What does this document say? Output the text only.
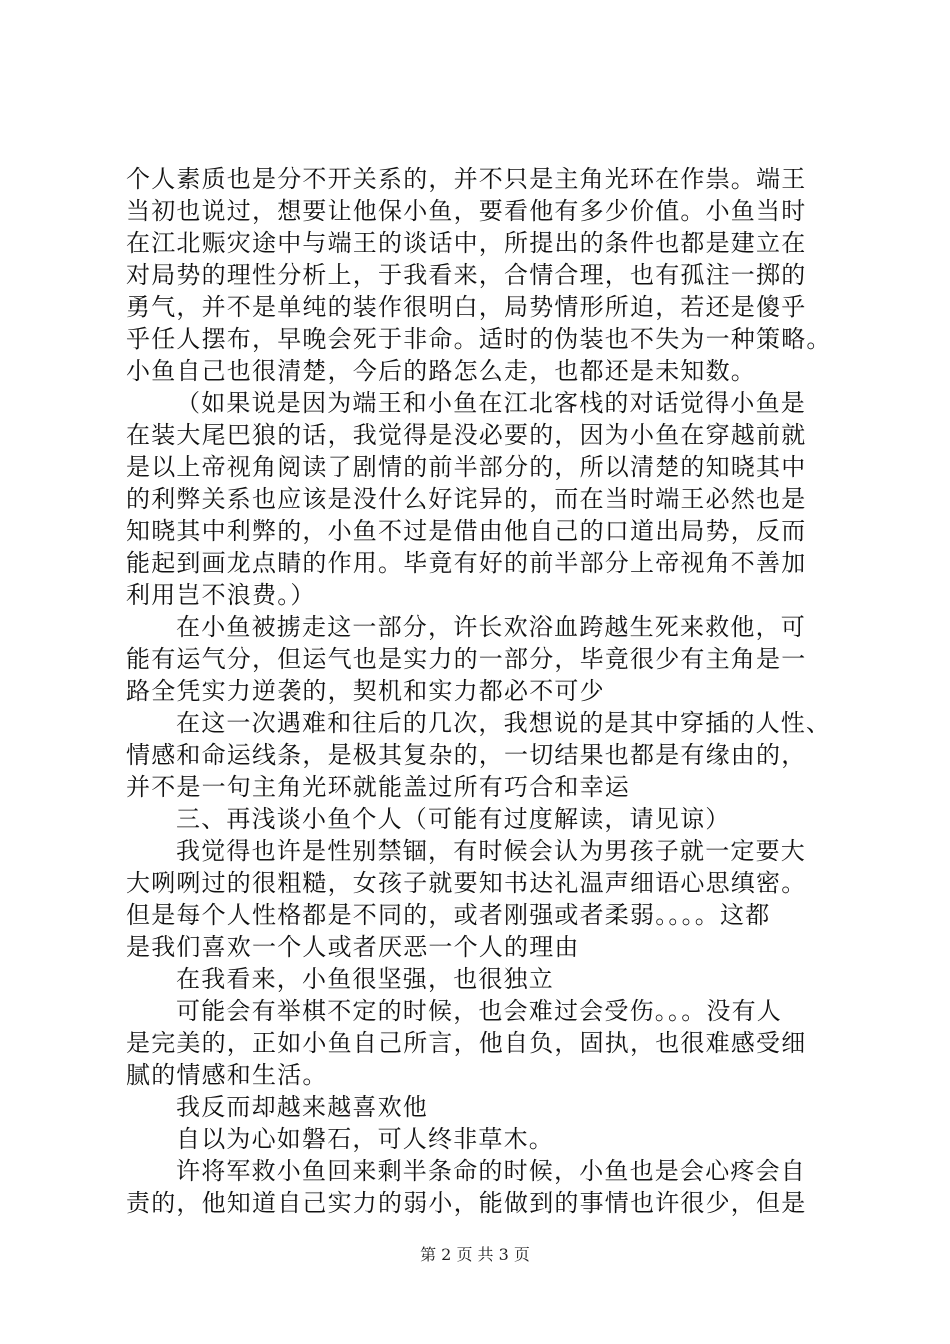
个人素质也是分不开关系的，并不只是主角光环在作祟。端王
当初也说过，想要让他保小鱼，要看他有多少价值。小鱼当时
在江北赈灾途中与端王的谈话中，所提出的条件也都是建立在
对局势的理性分析上，于我看来，合情合理，也有孤注一掷的
勇气，并不是单纯的装作很明白，局势情形所迫，若还是傻乎
乎任人摆布，早晚会死于非命。适时的伪装也不失为一种策略。
小鱼自己也很清楚，今后的路怎么走，也都还是未知数。
（如果说是因为端王和小鱼在江北客栈的对话觉得小鱼是
在装大尾巴狼的话，我觉得是没必要的，因为小鱼在穿越前就
是以上帝视角阅读了剧情的前半部分的，所以清楚的知晓其中
的利弊关系也应该是没什么好诧异的，而在当时端王必然也是
知晓其中利弊的，小鱼不过是借由他自己的口道出局势，反而
能起到画龙点睛的作用。毕竟有好的前半部分上帝视角不善加
利用岂不浪费。）
在小鱼被掳走这一部分，许长欢浴血跨越生死来救他，可
能有运气分，但运气也是实力的一部分，毕竟很少有主角是一
路全凭实力逆袭的，契机和实力都必不可少
在这一次遇难和往后的几次，我想说的是其中穿插的人性、
情感和命运线条，是极其复杂的，一切结果也都是有缘由的，
并不是一句主角光环就能盖过所有巧合和幸运
三、再浅谈小鱼个人（可能有过度解读，请见谅）
我觉得也许是性别禁锢，有时候会认为男孩子就一定要大
大咧咧过的很粗糙，女孩子就要知书达礼温声细语心思缜密。
但是每个人性格都是不同的，或者刚强或者柔弱。。。。这都
是我们喜欢一个人或者厌恶一个人的理由
在我看来，小鱼很坚强，也很独立
可能会有举棋不定的时候，也会难过会受伤。。。没有人
是完美的，正如小鱼自己所言，他自负，固执，也很难感受细
腻的情感和生活。
我反而却越来越喜欢他
自以为心如磐石，可人终非草木。
许将军救小鱼回来剩半条命的时候，小鱼也是会心疼会自
责的，他知道自己实力的弱小，能做到的事情也许很少，但是
第 2 页 共 3 页
